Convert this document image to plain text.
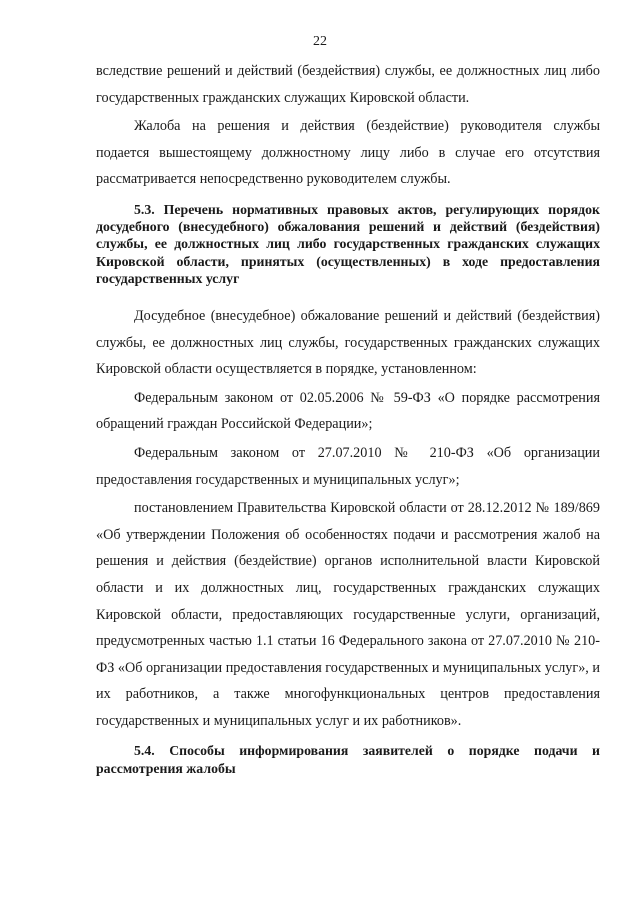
22

вследствие решений и действий (бездействия) службы, ее должностных лиц либо государственных гражданских служащих Кировской области.

Жалоба на решения и действия (бездействие) руководителя службы подается вышестоящему должностному лицу либо в случае его отсутствия рассматривается непосредственно руководителем службы.

5.3. Перечень нормативных правовых актов, регулирующих порядок досудебного (внесудебного) обжалования решений и действий (бездействия) службы, ее должностных лиц либо государственных гражданских служащих Кировской области, принятых (осуществленных) в ходе предоставления государственных услуг

Досудебное (внесудебное) обжалование решений и действий (бездействия) службы, ее должностных лиц службы, государственных гражданских служащих Кировской области осуществляется в порядке, установленном:

Федеральным законом от 02.05.2006 № 59-ФЗ «О порядке рассмотрения обращений граждан Российской Федерации»;

Федеральным законом от 27.07.2010 № 210-ФЗ «Об организации предоставления государственных и муниципальных услуг»;

постановлением Правительства Кировской области от 28.12.2012 № 189/869 «Об утверждении Положения об особенностях подачи и рассмотрения жалоб на решения и действия (бездействие) органов исполнительной власти Кировской области и их должностных лиц, государственных гражданских служащих Кировской области, предоставляющих государственные услуги, организаций, предусмотренных частью 1.1 статьи 16 Федерального закона от 27.07.2010 № 210-ФЗ «Об организации предоставления государственных и муниципальных услуг», и их работников, а также многофункциональных центров предоставления государственных и муниципальных услуг и их работников».

5.4. Способы информирования заявителей о порядке подачи и рассмотрения жалобы
